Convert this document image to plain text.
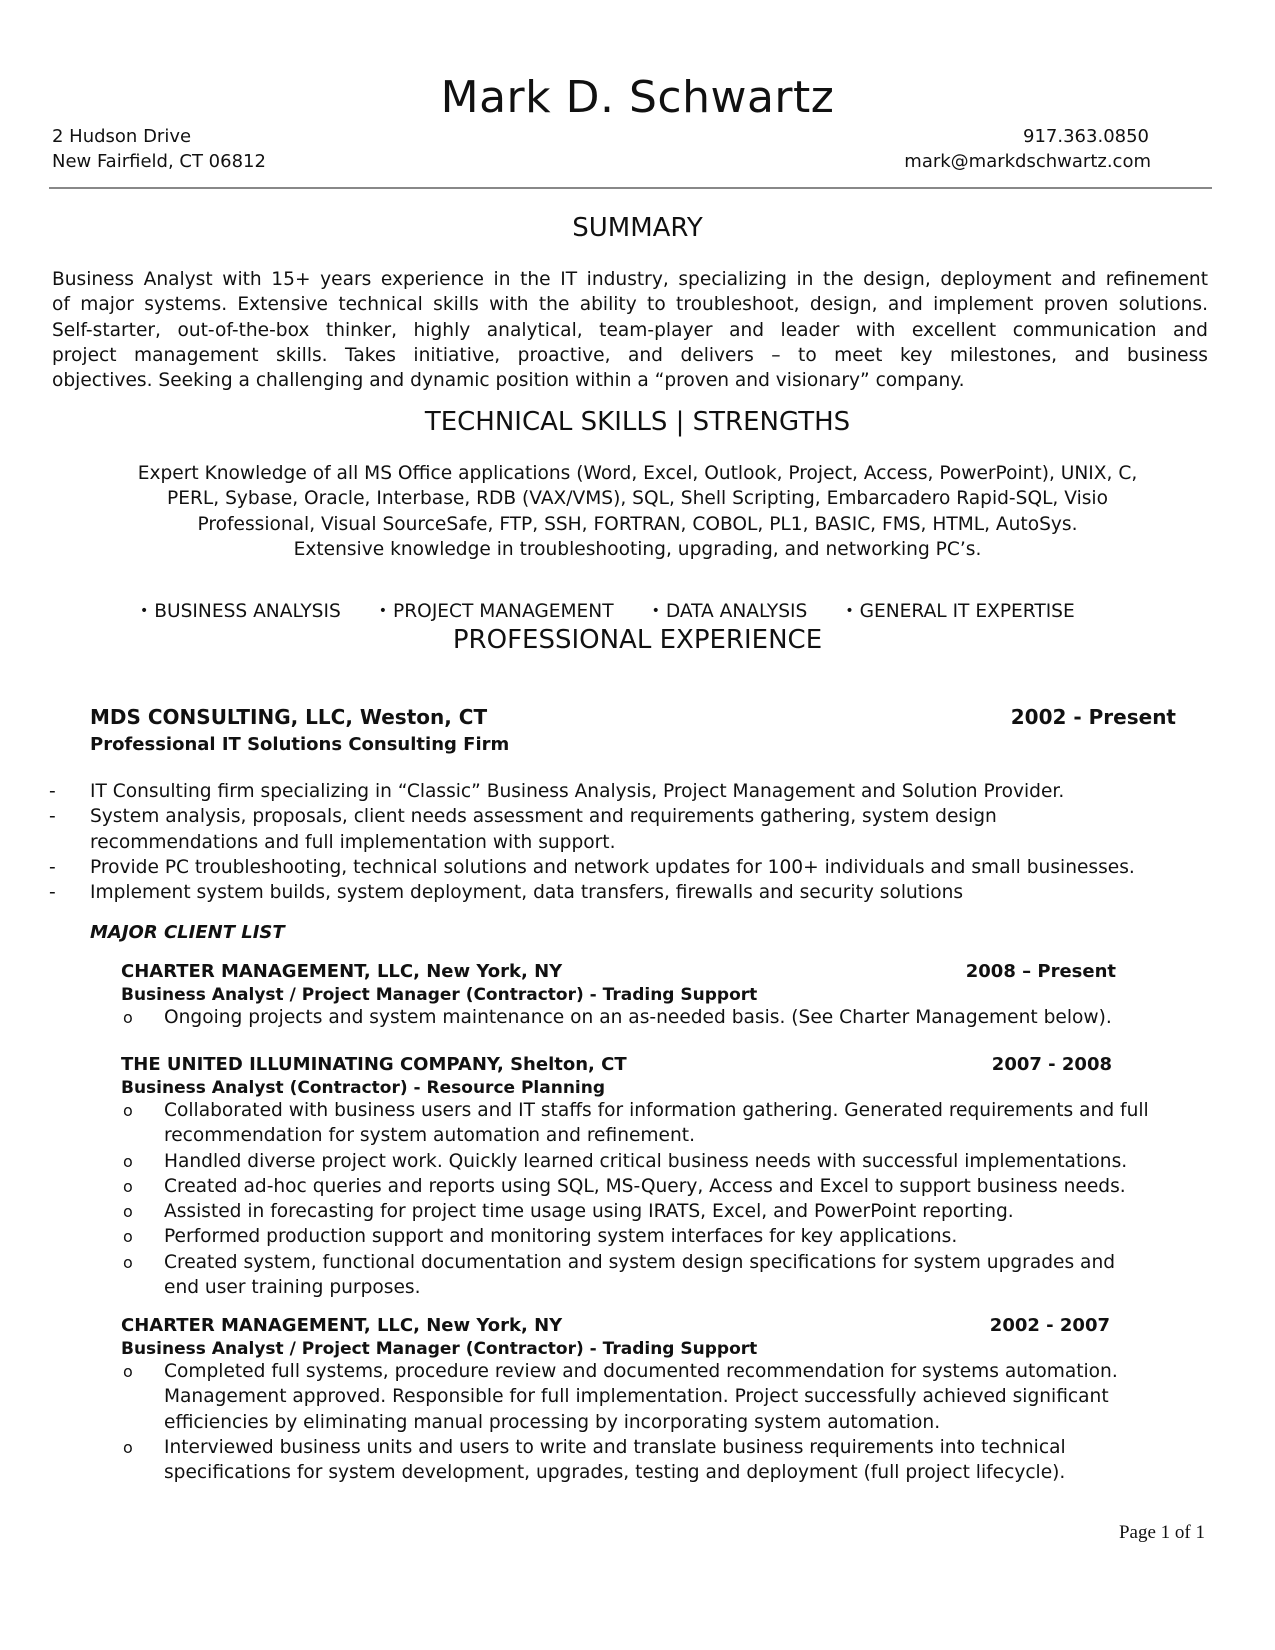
Mark D. Schwartz
2 Hudson Drive
New Fairfield, CT 06812
917.363.0850
mark@markdschwartz.com
SUMMARY
Business Analyst with 15+ years experience in the IT industry, specializing in the design, deployment and refinement
of major systems. Extensive technical skills with the ability to troubleshoot, design, and implement proven solutions.
Self-starter, out-of-the-box thinker, highly analytical, team-player and leader with excellent communication and
project management skills. Takes initiative, proactive, and delivers – to meet key milestones, and business
objectives. Seeking a challenging and dynamic position within a “proven and visionary” company.
TECHNICAL SKILLS | STRENGTHS
Expert Knowledge of all MS Office applications (Word, Excel, Outlook, Project, Access, PowerPoint), UNIX, C,
PERL, Sybase, Oracle, Interbase, RDB (VAX/VMS), SQL, Shell Scripting, Embarcadero Rapid-SQL, Visio
Professional, Visual SourceSafe, FTP, SSH, FORTRAN, COBOL, PL1, BASIC, FMS, HTML, AutoSys.
Extensive knowledge in troubleshooting, upgrading, and networking PC’s.
• BUSINESS ANALYSIS	• PROJECT MANAGEMENT	• DATA ANALYSIS	• GENERAL IT EXPERTISE
PROFESSIONAL EXPERIENCE
MDS CONSULTING, LLC, Weston, CT	2002 - Present
Professional IT Solutions Consulting Firm
-	IT Consulting firm specializing in “Classic” Business Analysis, Project Management and Solution Provider.
-	System analysis, proposals, client needs assessment and requirements gathering, system design
recommendations and full implementation with support.
-	Provide PC troubleshooting, technical solutions and network updates for 100+ individuals and small businesses.
-	Implement system builds, system deployment, data transfers, firewalls and security solutions
MAJOR CLIENT LIST
CHARTER MANAGEMENT, LLC, New York, NY	2008 – Present
Business Analyst / Project Manager (Contractor) - Trading Support
o	Ongoing projects and system maintenance on an as-needed basis. (See Charter Management below).
THE UNITED ILLUMINATING COMPANY, Shelton, CT	2007 - 2008
Business Analyst (Contractor) - Resource Planning
o	Collaborated with business users and IT staffs for information gathering. Generated requirements and full
recommendation for system automation and refinement.
o	Handled diverse project work. Quickly learned critical business needs with successful implementations.
o	Created ad-hoc queries and reports using SQL, MS-Query, Access and Excel to support business needs.
o	Assisted in forecasting for project time usage using IRATS, Excel, and PowerPoint reporting.
o	Performed production support and monitoring system interfaces for key applications.
o	Created system, functional documentation and system design specifications for system upgrades and
end user training purposes.
CHARTER MANAGEMENT, LLC, New York, NY	2002 - 2007
Business Analyst / Project Manager (Contractor) - Trading Support
o	Completed full systems, procedure review and documented recommendation for systems automation.
Management approved. Responsible for full implementation. Project successfully achieved significant
efficiencies by eliminating manual processing by incorporating system automation.
o	Interviewed business units and users to write and translate business requirements into technical
specifications for system development, upgrades, testing and deployment (full project lifecycle).
Page 1 of 1
